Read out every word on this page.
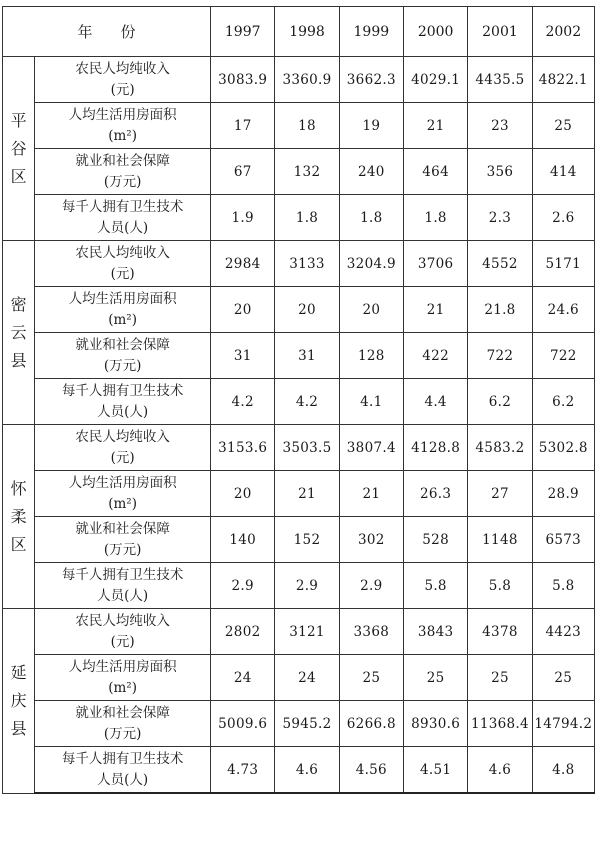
年份		1997	1998	1999	2000	2001	2002

平
谷
区	农民人均纯收入
(元)	3083.9	3360.9	3662.3	4029.1	4435.5	4822.1

	人均生活用房面积
(m²)	17	18	19	21	23	25

	就业和社会保障
(万元)	67	132	240	464	356	414

	每千人拥有卫生技术
人员(人)	1.9	1.8	1.8	1.8	2.3	2.6

密
云
县	农民人均纯收入
(元)	2984	3133	3204.9	3706	4552	5171

	人均生活用房面积
(m²)	20	20	20	21	21.8	24.6

	就业和社会保障
(万元)	31	31	128	422	722	722

	每千人拥有卫生技术
人员(人)	4.2	4.2	4.1	4.4	6.2	6.2

怀
柔
区	农民人均纯收入
(元)	3153.6	3503.5	3807.4	4128.8	4583.2	5302.8

	人均生活用房面积
(m²)	20	21	21	26.3	27	28.9

	就业和社会保障
(万元)	140	152	302	528	1148	6573

	每千人拥有卫生技术
人员(人)	2.9	2.9	2.9	5.8	5.8	5.8

延
庆
县	农民人均纯收入
(元)	2802	3121	3368	3843	4378	4423

	人均生活用房面积
(m²)	24	24	25	25	25	25

	就业和社会保障
(万元)	5009.6	5945.2	6266.8	8930.6	11368.4	14794.2

	每千人拥有卫生技术
人员(人)	4.73	4.6	4.56	4.51	4.6	4.8
